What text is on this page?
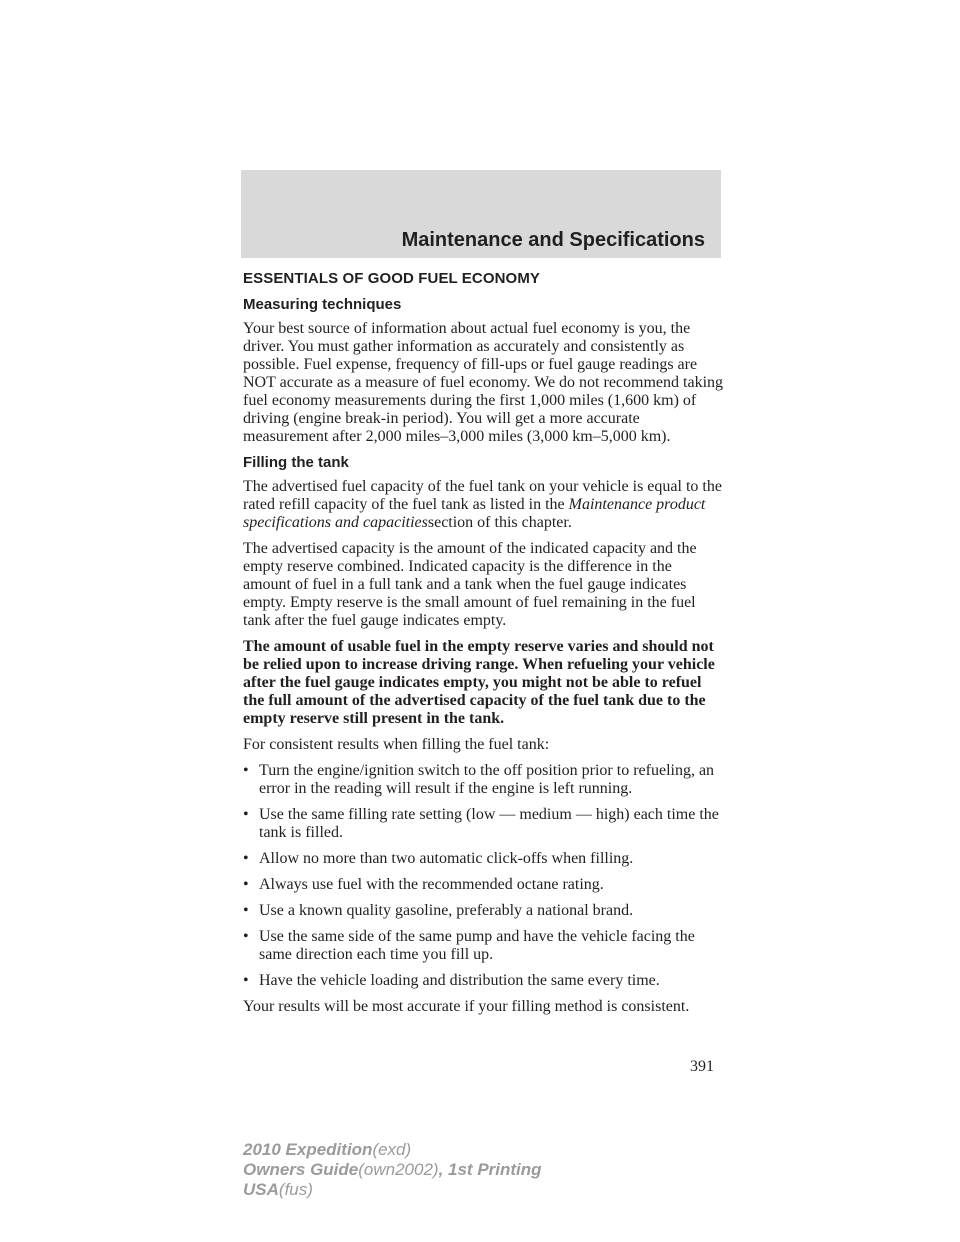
Maintenance and Specifications
ESSENTIALS OF GOOD FUEL ECONOMY
Measuring techniques

Your best source of information about actual fuel economy is you, the driver. You must gather information as accurately and consistently as possible. Fuel expense, frequency of fill-ups or fuel gauge readings are NOT accurate as a measure of fuel economy. We do not recommend taking fuel economy measurements during the first 1,000 miles (1,600 km) of driving (engine break-in period). You will get a more accurate measurement after 2,000 miles–3,000 miles (3,000 km–5,000 km).

Filling the tank

The advertised fuel capacity of the fuel tank on your vehicle is equal to the rated refill capacity of the fuel tank as listed in the Maintenance product specifications and capacitiessection of this chapter.

The advertised capacity is the amount of the indicated capacity and the empty reserve combined. Indicated capacity is the difference in the amount of fuel in a full tank and a tank when the fuel gauge indicates empty. Empty reserve is the small amount of fuel remaining in the fuel tank after the fuel gauge indicates empty.

The amount of usable fuel in the empty reserve varies and should not be relied upon to increase driving range. When refueling your vehicle after the fuel gauge indicates empty, you might not be able to refuel the full amount of the advertised capacity of the fuel tank due to the empty reserve still present in the tank.

For consistent results when filling the fuel tank:

• Turn the engine/ignition switch to the off position prior to refueling, an error in the reading will result if the engine is left running.
• Use the same filling rate setting (low — medium — high) each time the tank is filled.
• Allow no more than two automatic click-offs when filling.
• Always use fuel with the recommended octane rating.
• Use a known quality gasoline, preferably a national brand.
• Use the same side of the same pump and have the vehicle facing the same direction each time you fill up.
• Have the vehicle loading and distribution the same every time.

Your results will be most accurate if your filling method is consistent.

391
2010 Expedition(exd)
Owners Guide(own2002), 1st Printing
USA(fus)
